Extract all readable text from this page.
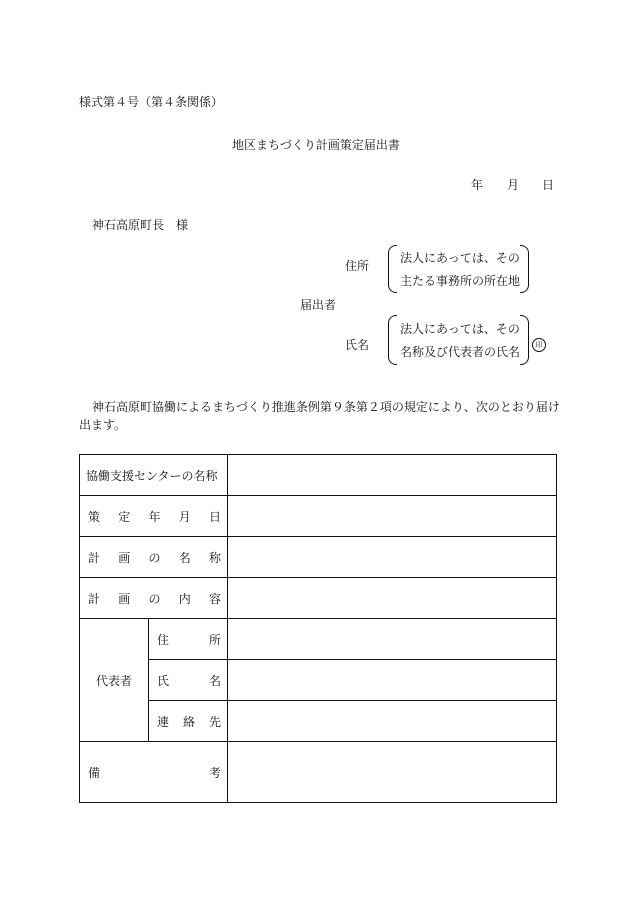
様式第４号（第４条関係）
地区まちづくり計画策定届出書
年 月 日
神石高原町長　様
住所
法人にあっては、その
主たる事務所の所在地
届出者
氏名
法人にあっては、その
名称及び代表者の氏名	印
神石高原町協働によるまちづくり推進条例第９条第２項の規定により、次のとおり届け
出ます。
協働支援センターの名称		

策 定 年 月 日		

計 画 の 名 称		

計 画 の 内 容		

代表者	住 所	

	氏 名	

	連 絡 先	

備 考		
